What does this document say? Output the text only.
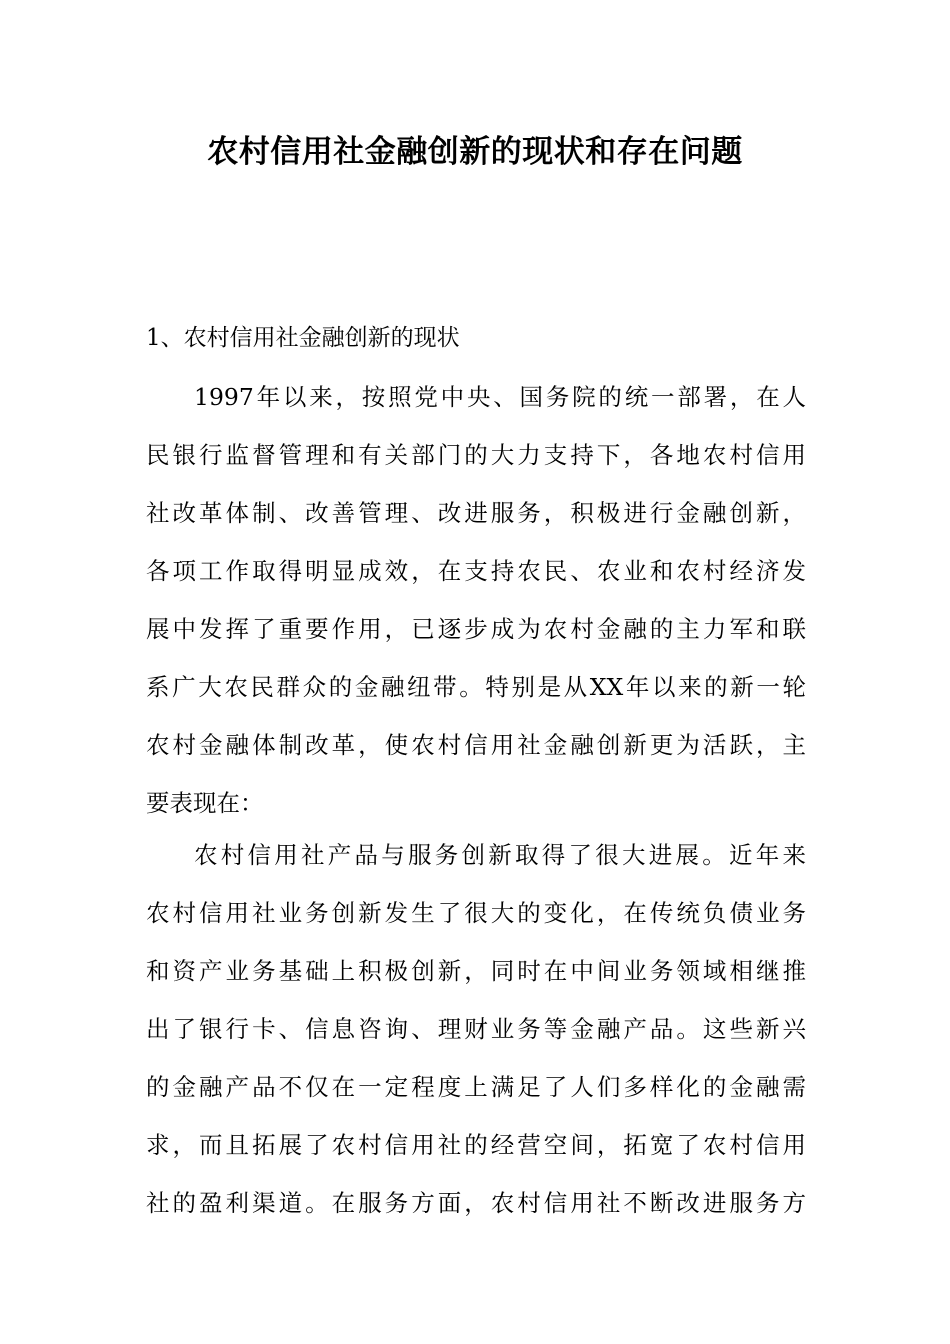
农村信用社金融创新的现状和存在问题

1、农村信用社金融创新的现状

1997年以来，按照党中央、国务院的统一部署，在人
民银行监督管理和有关部门的大力支持下，各地农村信用
社改革体制、改善管理、改进服务，积极进行金融创新，
各项工作取得明显成效，在支持农民、农业和农村经济发
展中发挥了重要作用，已逐步成为农村金融的主力军和联
系广大农民群众的金融纽带。特别是从XX年以来的新一轮
农村金融体制改革，使农村信用社金融创新更为活跃，主
要表现在：
农村信用社产品与服务创新取得了很大进展。近年来
农村信用社业务创新发生了很大的变化，在传统负债业务
和资产业务基础上积极创新，同时在中间业务领域相继推
出了银行卡、信息咨询、理财业务等金融产品。这些新兴
的金融产品不仅在一定程度上满足了人们多样化的金融需
求，而且拓展了农村信用社的经营空间，拓宽了农村信用
社的盈利渠道。在服务方面，农村信用社不断改进服务方
